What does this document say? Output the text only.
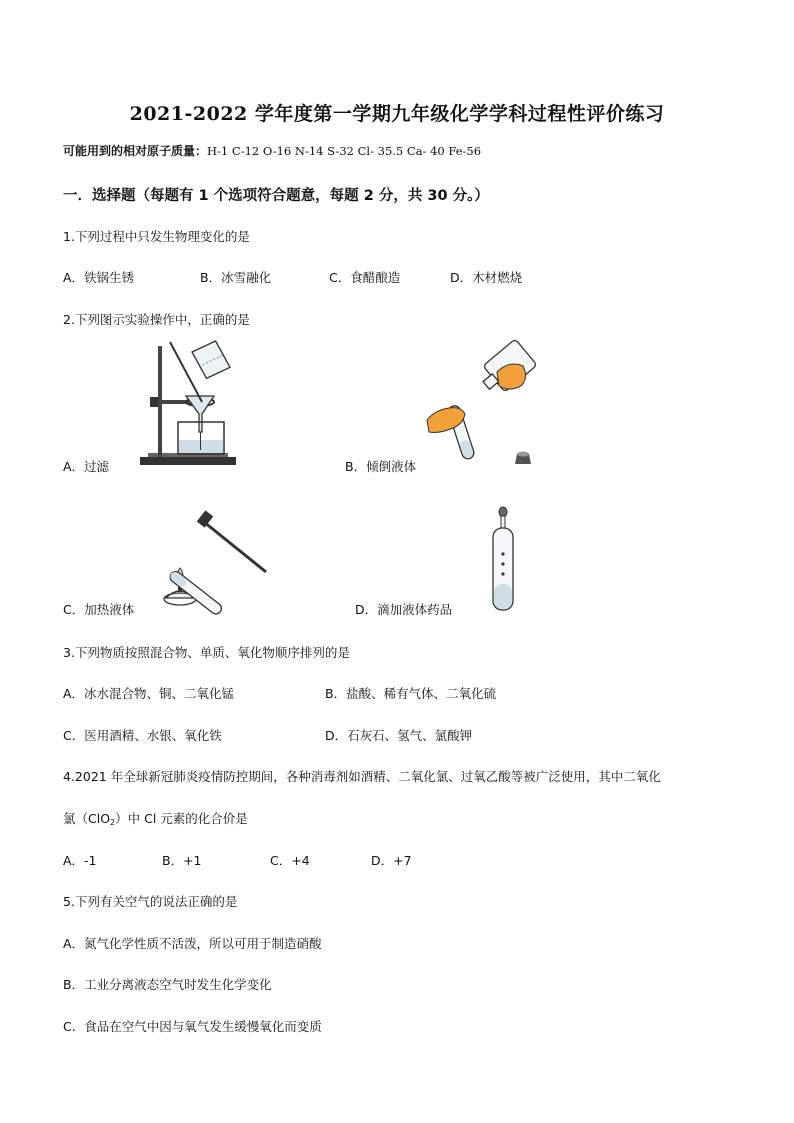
2021-2022 学年度第一学期九年级化学学科过程性评价练习
可能用到的相对原子质量：H-1 C-12 O-16 N-14 S-32 Cl- 35.5 Ca- 40 Fe-56
一．选择题（每题有 1 个选项符合题意，每题 2 分，共 30 分。）
1.下列过程中只发生物理变化的是
A．铁锅生锈	B．冰雪融化	C．食醋酿造	D．木材燃烧
2.下列图示实验操作中，正确的是
A．过滤	B．倾倒液体
C．加热液体	D．滴加液体药品
3.下列物质按照混合物、单质、氧化物顺序排列的是
A．冰水混合物、铜、二氧化锰	B．盐酸、稀有气体、二氧化硫
C．医用酒精、水银、氧化铁	D．石灰石、氢气、氯酸钾
4.2021 年全球新冠肺炎疫情防控期间，各种消毒剂如酒精、二氧化氯、过氧乙酸等被广泛使用，其中二氧化
氯（ClO$_2$）中 Cl 元素的化合价是
A．-1	B．+1	C．+4	D．+7
5.下列有关空气的说法正确的是
A．氮气化学性质不活泼，所以可用于制造硝酸
B．工业分离液态空气时发生化学变化
C．食品在空气中因与氧气发生缓慢氧化而变质
